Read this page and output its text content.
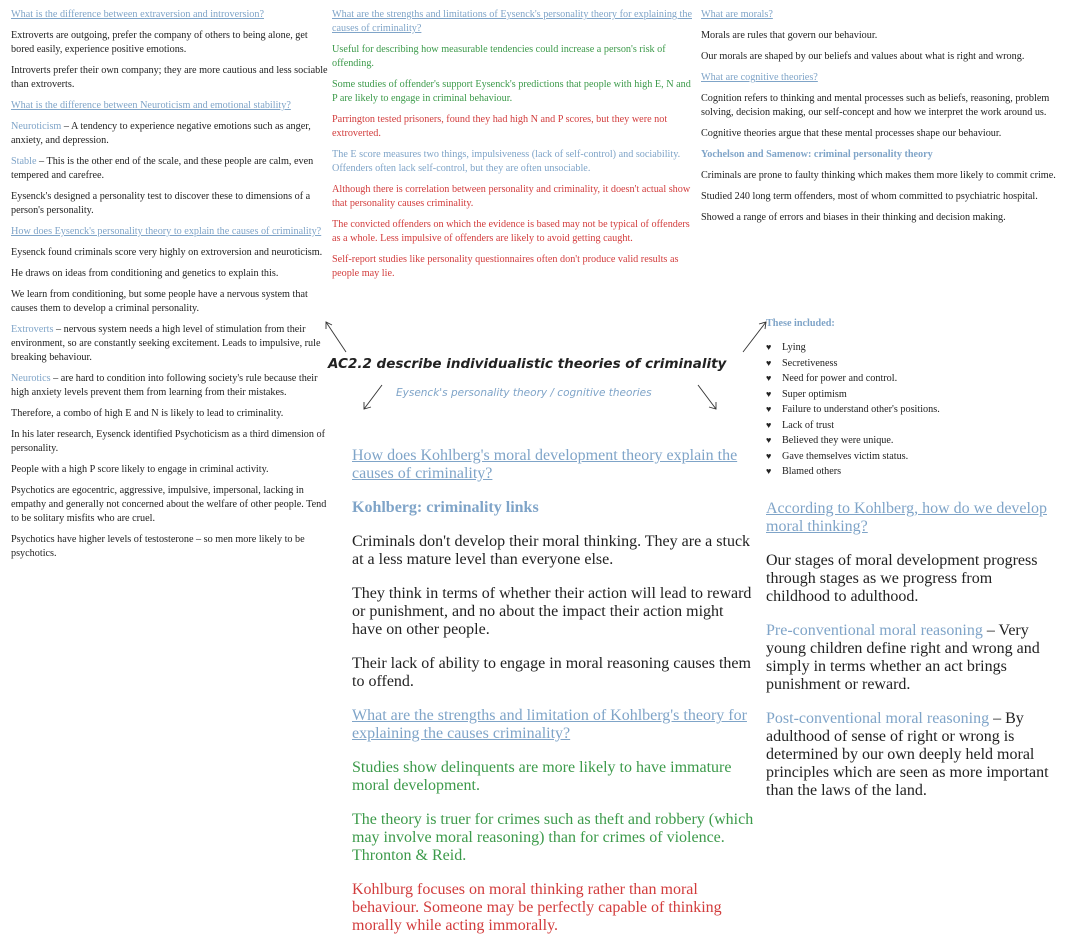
What is the difference between extraversion and introversion?

Extroverts are outgoing, prefer the company of others to being alone, get bored easily, experience positive emotions.

Introverts prefer their own company; they are more cautious and less sociable than extroverts.

What is the difference between Neuroticism and emotional stability?

Neuroticism – A tendency to experience negative emotions such as anger, anxiety, and depression.

Stable – This is the other end of the scale, and these people are calm, even tempered and carefree.

Eysenck's designed a personality test to discover these to dimensions of a person's personality.

How does Eysenck's personality theory to explain the causes of criminality?

Eysenck found criminals score very highly on extroversion and neuroticism.

He draws on ideas from conditioning and genetics to explain this.

We learn from conditioning, but some people have a nervous system that causes them to develop a criminal personality.

Extroverts – nervous system needs a high level of stimulation from their environment, so are constantly seeking excitement. Leads to impulsive, rule breaking behaviour.

Neurotics – are hard to condition into following society's rule because their high anxiety levels prevent them from learning from their mistakes.

Therefore, a combo of high E and N is likely to lead to criminality.

In his later research, Eysenck identified Psychoticism as a third dimension of personality.

People with a high P score likely to engage in criminal activity.

Psychotics are egocentric, aggressive, impulsive, impersonal, lacking in empathy and generally not concerned about the welfare of other people. Tend to be solitary misfits who are cruel.

Psychotics have higher levels of testosterone – so men more likely to be psychotics.

What are the strengths and limitations of Eysenck's personality theory for explaining the causes of criminality?

Useful for describing how measurable tendencies could increase a person's risk of offending.

Some studies of offender's support Eysenck's predictions that people with high E, N and P are likely to engage in criminal behaviour.

Parrington tested prisoners, found they had high N and P scores, but they were not extroverted.

The E score measures two things, impulsiveness (lack of self-control) and sociability. Offenders often lack self-control, but they are often unsociable.

Although there is correlation between personality and criminality, it doesn't actual show that personality causes criminality.

The convicted offenders on which the evidence is based may not be typical of offenders as a whole. Less impulsive of offenders are likely to avoid getting caught.

Self-report studies like personality questionnaires often don't produce valid results as people may lie.

What are morals?

Morals are rules that govern our behaviour.

Our morals are shaped by our beliefs and values about what is right and wrong.

What are cognitive theories?

Cognition refers to thinking and mental processes such as beliefs, reasoning, problem solving, decision making, our self-concept and how we interpret the work around us.

Cognitive theories argue that these mental processes shape our behaviour.

Yochelson and Samenow: criminal personality theory

Criminals are prone to faulty thinking which makes them more likely to commit crime.

Studied 240 long term offenders, most of whom committed to psychiatric hospital.

Showed a range of errors and biases in their thinking and decision making.

AC2.2 describe individualistic theories of criminality
Eysenck's personality theory / cognitive theories
These included:
♥ Lying
♥ Secretiveness
♥ Need for power and control.
♥ Super optimism
♥ Failure to understand other's positions.
♥ Lack of trust
♥ Believed they were unique.
♥ Gave themselves victim status.
♥ Blamed others

How does Kohlberg's moral development theory explain the causes of criminality?

Kohlberg: criminality links

Criminals don't develop their moral thinking. They are a stuck at a less mature level than everyone else.

They think in terms of whether their action will lead to reward or punishment, and no about the impact their action might have on other people.

Their lack of ability to engage in moral reasoning causes them to offend.

What are the strengths and limitation of Kohlberg's theory for explaining the causes criminality?

Studies show delinquents are more likely to have immature moral development.

The theory is truer for crimes such as theft and robbery (which may involve moral reasoning) than for crimes of violence. Thronton & Reid.

Kohlburg focuses on moral thinking rather than moral behaviour. Someone may be perfectly capable of thinking morally while acting immorally.

According to Kohlberg, how do we develop moral thinking?

Our stages of moral development progress through stages as we progress from childhood to adulthood.

Pre-conventional moral reasoning – Very young children define right and wrong and simply in terms whether an act brings punishment or reward.

Post-conventional moral reasoning – By adulthood of sense of right or wrong is determined by our own deeply held moral principles which are seen as more important than the laws of the land.
